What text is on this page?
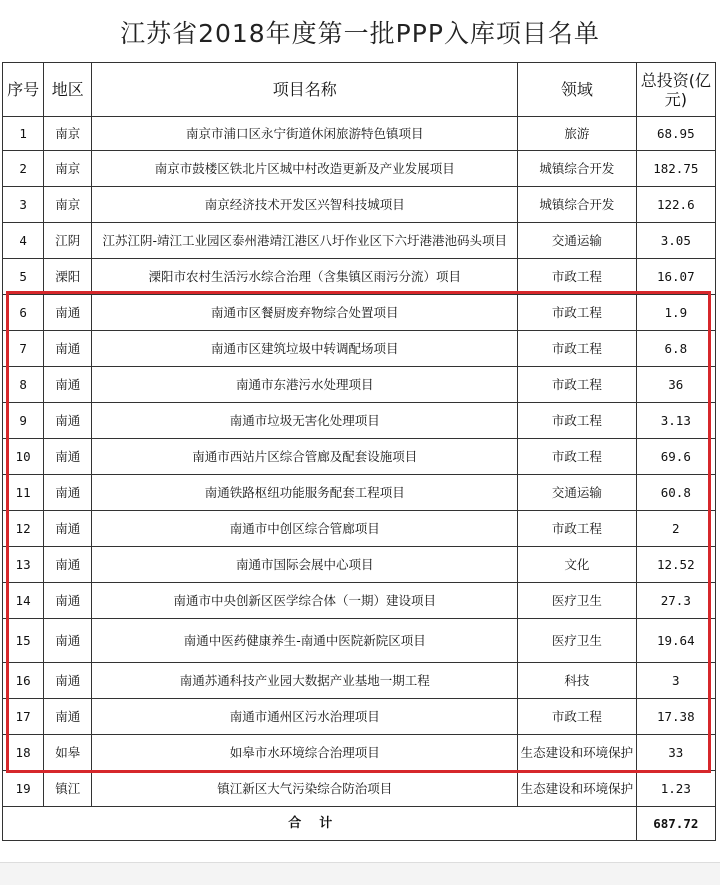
江苏省2018年度第一批PPP入库项目名单
序号	地区	项目名称	领域	总投资(亿元)
1	南京	南京市浦口区永宁街道休闲旅游特色镇项目	旅游	68.95
2	南京	南京市鼓楼区铁北片区城中村改造更新及产业发展项目	城镇综合开发	182.75
3	南京	南京经济技术开发区兴智科技城项目	城镇综合开发	122.6
4	江阴	江苏江阴-靖江工业园区泰州港靖江港区八圩作业区下六圩港港池码头项目	交通运输	3.05
5	溧阳	溧阳市农村生活污水综合治理（含集镇区雨污分流）项目	市政工程	16.07
6	南通	南通市区餐厨废弃物综合处置项目	市政工程	1.9
7	南通	南通市区建筑垃圾中转调配场项目	市政工程	6.8
8	南通	南通市东港污水处理项目	市政工程	36
9	南通	南通市垃圾无害化处理项目	市政工程	3.13
10	南通	南通市西站片区综合管廊及配套设施项目	市政工程	69.6
11	南通	南通铁路枢纽功能服务配套工程项目	交通运输	60.8
12	南通	南通市中创区综合管廊项目	市政工程	2
13	南通	南通市国际会展中心项目	文化	12.52
14	南通	南通市中央创新区医学综合体（一期）建设项目	医疗卫生	27.3
15	南通	南通中医药健康养生-南通中医院新院区项目	医疗卫生	19.64
16	南通	南通苏通科技产业园大数据产业基地一期工程	科技	3
17	南通	南通市通州区污水治理项目	市政工程	17.38
18	如皋	如皋市水环境综合治理项目	生态建设和环境保护	33
19	镇江	镇江新区大气污染综合防治项目	生态建设和环境保护	1.23
合计				687.72
